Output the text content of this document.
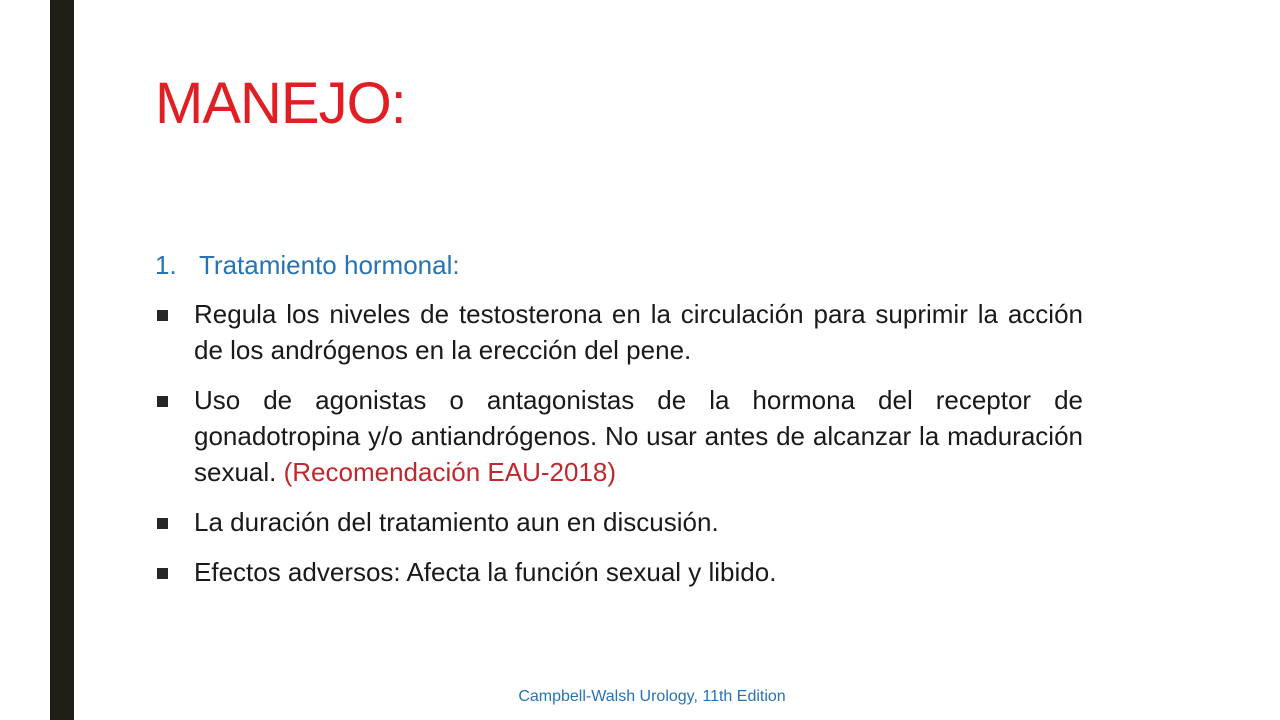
MANEJO:
1. Tratamiento hormonal:
Regula los niveles de testosterona en la circulación para suprimir la acción de los andrógenos en la erección del pene.
Uso de agonistas o antagonistas de la hormona del receptor de gonadotropina y/o antiandrógenos. No usar antes de alcanzar la maduración sexual. (Recomendación EAU-2018)
La duración del tratamiento aun en discusión.
Efectos adversos: Afecta la función sexual y libido.
Campbell-Walsh Urology, 11th Edition
